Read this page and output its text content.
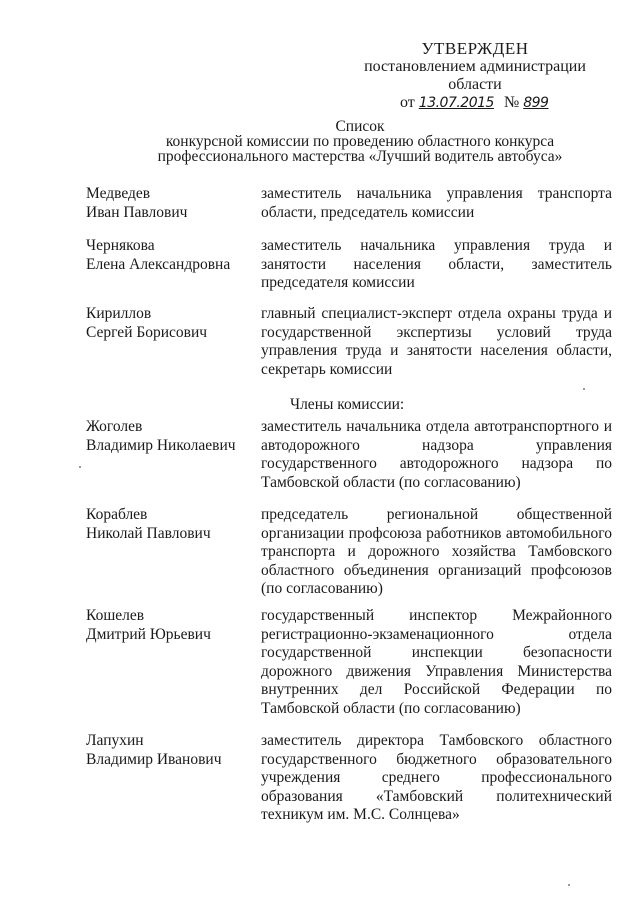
УТВЕРЖДЕН
постановлением администрации области
от 13.07.2015 № 899
Список
конкурсной комиссии по проведению областного конкурса
профессионального мастерства «Лучший водитель автобуса»
Медведев
Иван Павлович
заместитель начальника управления транспорта области, председатель комиссии
Чернякова
Елена Александровна
заместитель начальника управления труда и занятости населения области, заместитель председателя комиссии
Кириллов
Сергей Борисович
главный специалист-эксперт отдела охраны труда и государственной экспертизы условий труда управления труда и занятости населения области, секретарь комиссии
Члены комиссии:
Жоголев
Владимир Николаевич
заместитель начальника отдела автотранспортного и автодорожного надзора управления государственного автодорожного надзора по Тамбовской области (по согласованию)
Кораблев
Николай Павлович
председатель региональной общественной организации профсоюза работников автомобильного транспорта и дорожного хозяйства Тамбовского областного объединения организаций профсоюзов (по согласованию)
Кошелев
Дмитрий Юрьевич
государственный инспектор Межрайонного регистрационно-экзаменационного отдела государственной инспекции безопасности дорожного движения Управления Министерства внутренних дел Российской Федерации по Тамбовской области (по согласованию)
Лапухин
Владимир Иванович
заместитель директора Тамбовского областного государственного бюджетного образовательного учреждения среднего профессионального образования «Тамбовский политехнический техникум им. М.С. Солнцева»
